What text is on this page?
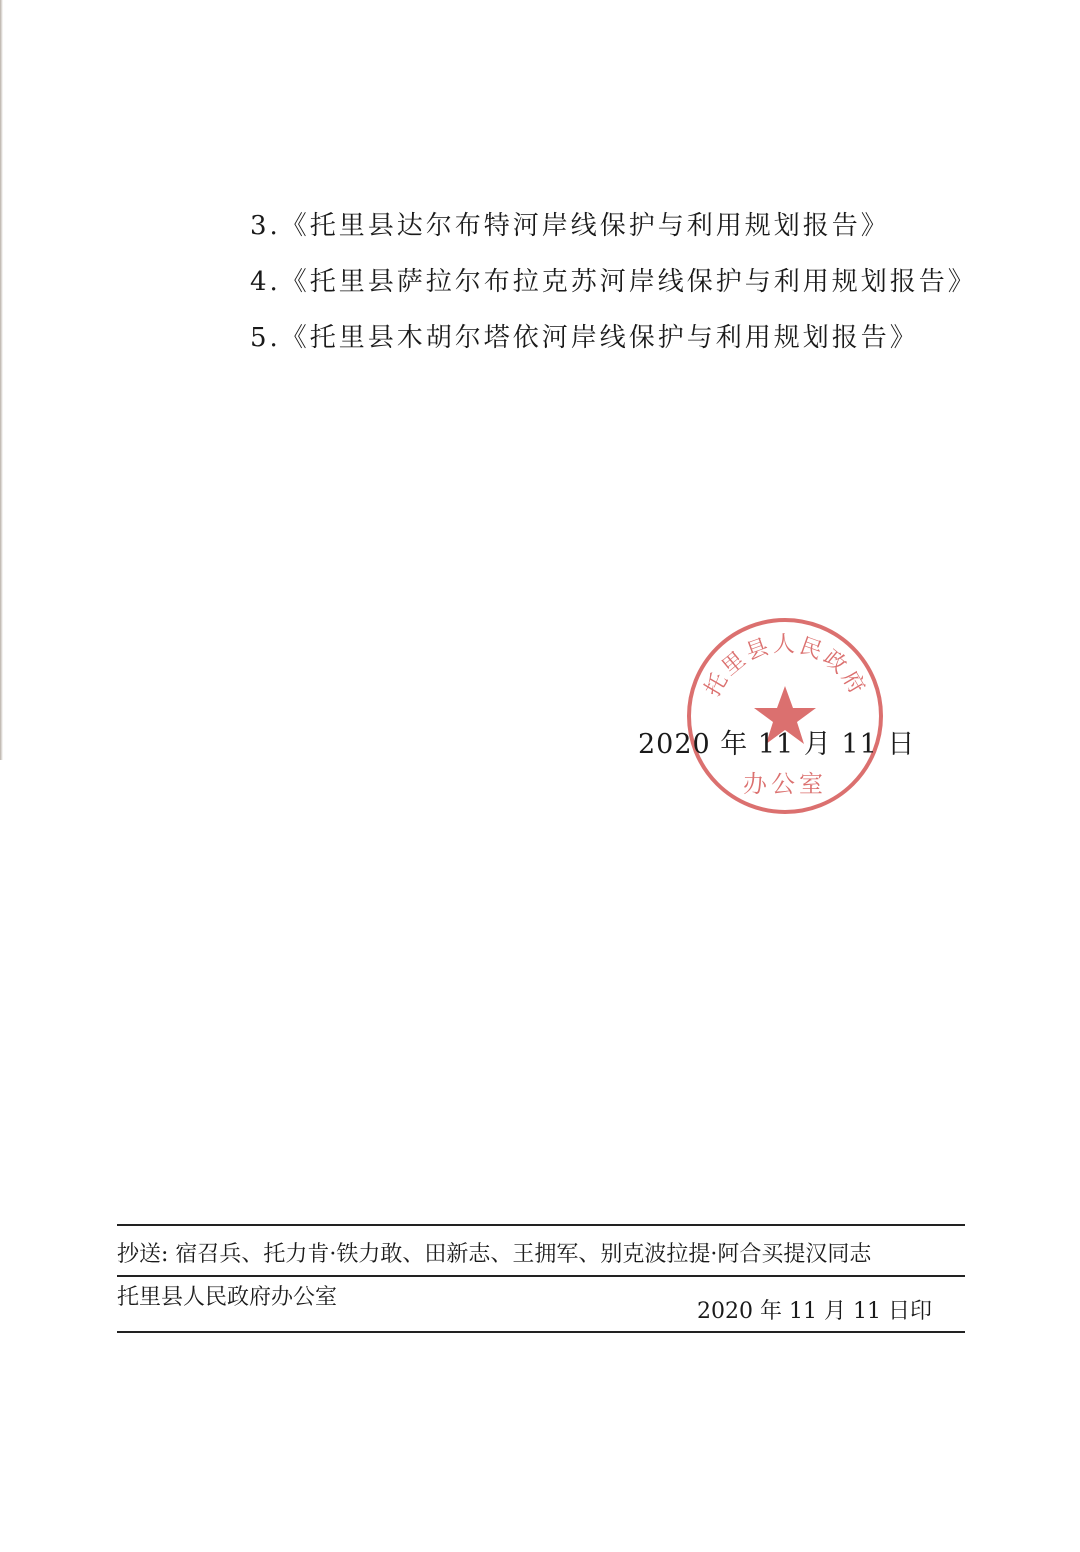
3.《托里县达尔布特河岸线保护与利用规划报告》
4.《托里县萨拉尔布拉克苏河岸线保护与利用规划报告》
5.《托里县木胡尔塔依河岸线保护与利用规划报告》
托里县人民政府
办公室
2020 年 11 月 11 日
抄送: 宿召兵、托力肯·铁力敢、田新志、王拥军、别克波拉提·阿合买提汉同志
托里县人民政府办公室
2020 年 11 月 11 日印
